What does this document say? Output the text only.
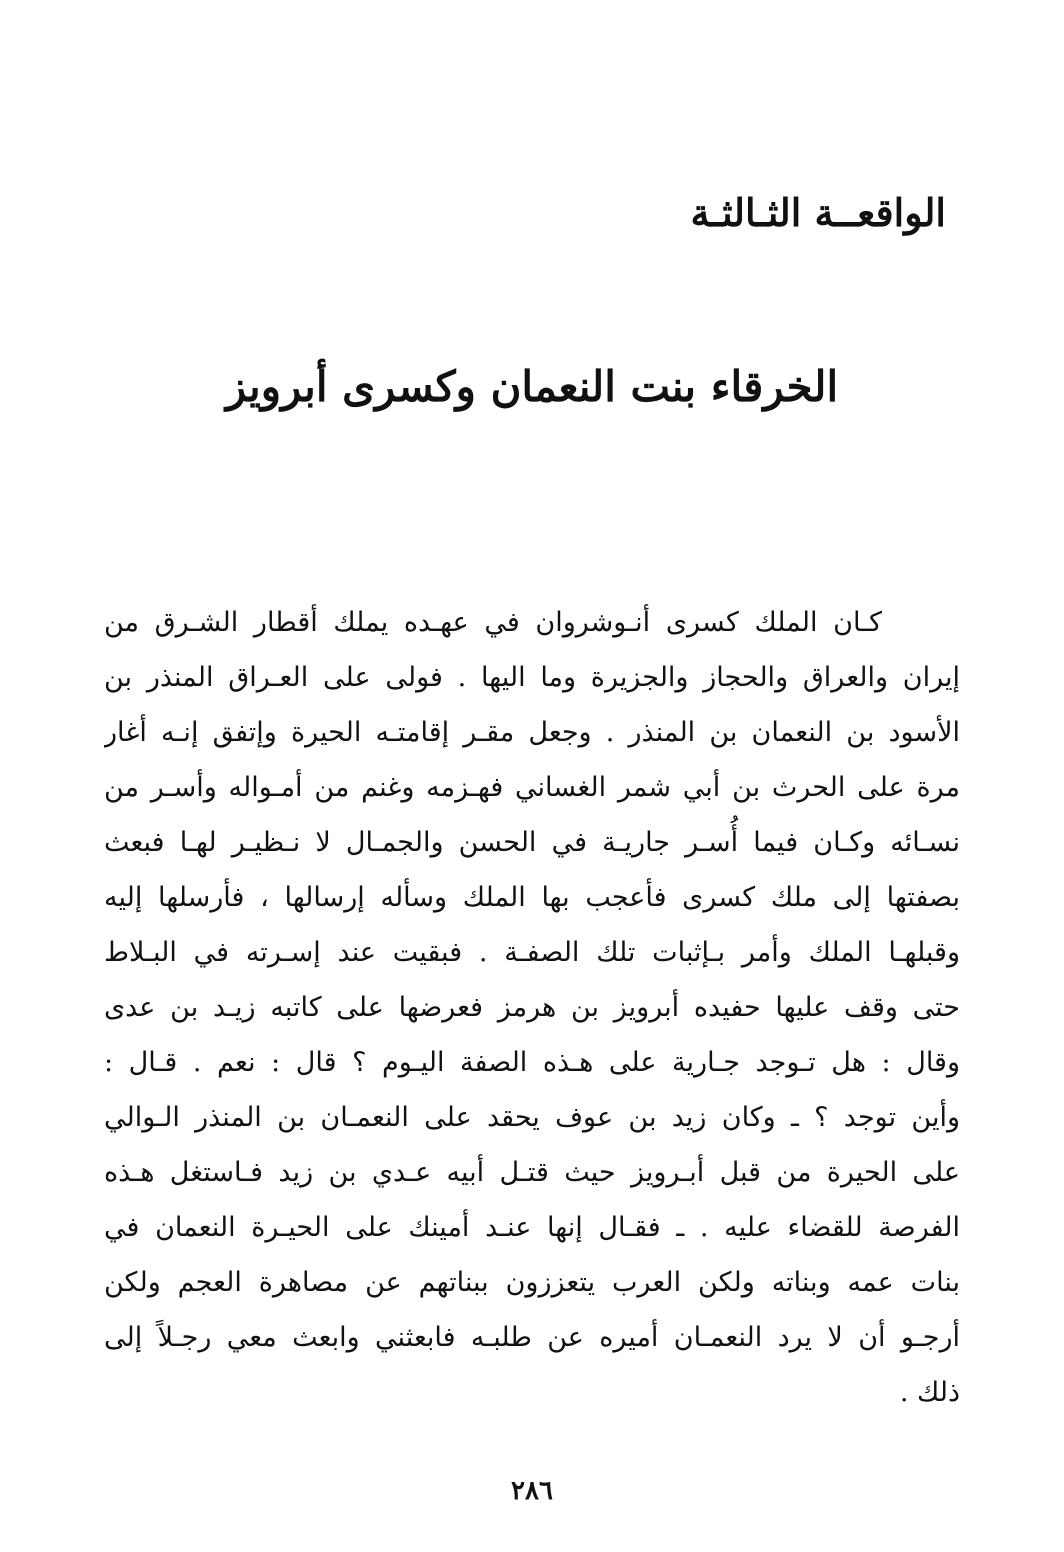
الواقعــة الثـالثـة
الخرقاء بنت النعمان وكسرى أبرويز
كـان الملك كسرى أنـوشروان في عهـده يملك أقطار الشـرق من
إيران والعراق والحجاز والجزيرة وما اليها . فولى على العـراق المنذر بن
الأسود بن النعمان بن المنذر . وجعل مقـر إقامتـه الحيرة وإتفق إنـه أغار
مرة على الحرث بن أبي شمر الغساني فهـزمه وغنم من أمـواله وأسـر من
نسـائه وكـان فيما أُسـر جاريـة في الحسن والجمـال لا نـظيـر لهـا فبعث
بصفتها إلى ملك كسرى فأعجب بها الملك وسأله إرسالها ، فأرسلها إليه
وقبلهـا الملك وأمر بـإثبات تلك الصفـة . فبقيت عند إسـرته في البـلاط
حتى وقف عليها حفيده أبرويز بن هرمز فعرضها على كاتبه زيـد بن عدى
وقال : هل تـوجد جـارية على هـذه الصفة اليـوم ؟ قال : نعم . قـال :
وأين توجد ؟ ـ وكان زيد بن عوف يحقد على النعمـان بن المنذر الـوالي
على الحيرة من قبل أبـرويز حيث قتـل أبيه عـدي بن زيد فـاستغل هـذه
الفرصة للقضاء عليه . ـ فقـال إنها عنـد أمينك على الحيـرة النعمان في
بنات عمه وبناته ولكن العرب يتعززون ببناتهم عن مصاهرة العجم ولكن
أرجـو أن لا يرد النعمـان أميره عن طلبـه فابعثني وابعث معي رجـلاً إلى
ذلك .
٢٨٦
